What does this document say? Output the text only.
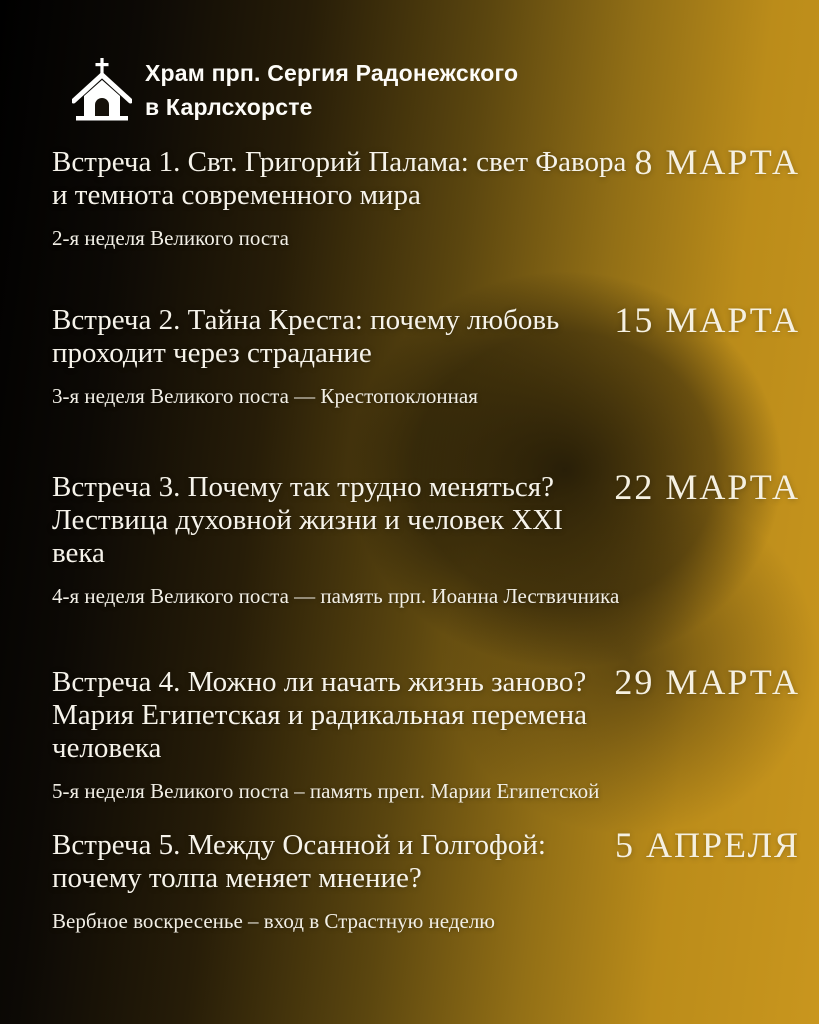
Храм прп. Сергия Радонежского
в Карлсхорсте
Встреча 1. Свт. Григорий Палама: свет Фавора и темнота современного мира
8 МАРТА

2-я неделя Великого поста

Встреча 2. Тайна Креста: почему любовь проходит через страдание
15 МАРТА

3-я неделя Великого поста — Крестопоклонная

Встреча 3. Почему так трудно меняться? Лествица духовной жизни и человек XXI века
22 МАРТА

4-я неделя Великого поста — память прп. Иоанна Лествичника

Встреча 4. Можно ли начать жизнь заново? Мария Египетская и радикальная перемена человека
29 МАРТА

5-я неделя Великого поста – память преп. Марии Египетской

Встреча 5. Между Осанной и Голгофой: почему толпа меняет мнение?
5 АПРЕЛЯ

Вербное воскресенье – вход в Страстную неделю
